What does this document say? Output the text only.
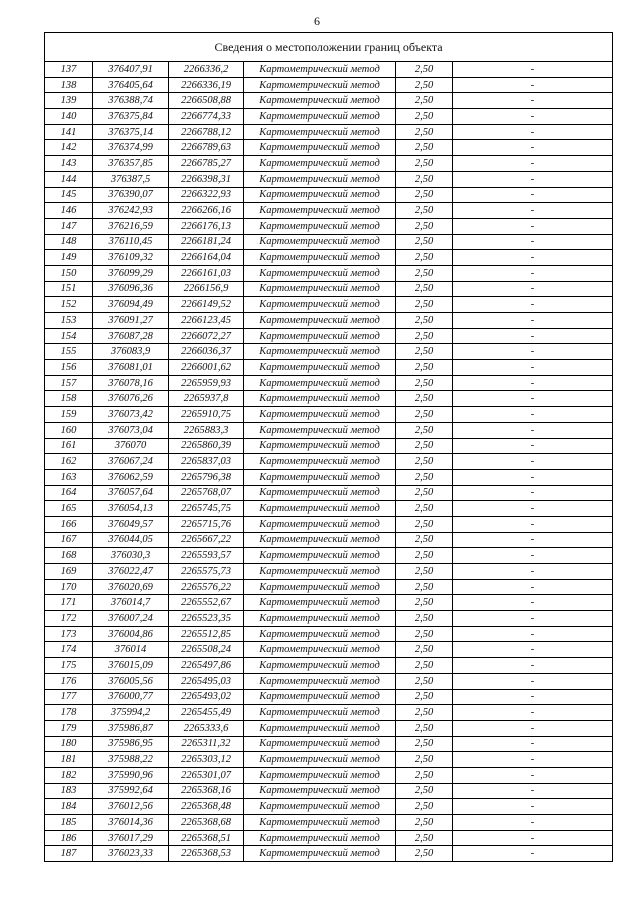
6
Сведения о местоположении границ объекта					
137	376407,91	2266336,2	Картометрический метод	2,50	-
138	376405,64	2266336,19	Картометрический метод	2,50	-
139	376388,74	2266508,88	Картометрический метод	2,50	-
140	376375,84	2266774,33	Картометрический метод	2,50	-
141	376375,14	2266788,12	Картометрический метод	2,50	-
142	376374,99	2266789,63	Картометрический метод	2,50	-
143	376357,85	2266785,27	Картометрический метод	2,50	-
144	376387,5	2266398,31	Картометрический метод	2,50	-
145	376390,07	2266322,93	Картометрический метод	2,50	-
146	376242,93	2266266,16	Картометрический метод	2,50	-
147	376216,59	2266176,13	Картометрический метод	2,50	-
148	376110,45	2266181,24	Картометрический метод	2,50	-
149	376109,32	2266164,04	Картометрический метод	2,50	-
150	376099,29	2266161,03	Картометрический метод	2,50	-
151	376096,36	2266156,9	Картометрический метод	2,50	-
152	376094,49	2266149,52	Картометрический метод	2,50	-
153	376091,27	2266123,45	Картометрический метод	2,50	-
154	376087,28	2266072,27	Картометрический метод	2,50	-
155	376083,9	2266036,37	Картометрический метод	2,50	-
156	376081,01	2266001,62	Картометрический метод	2,50	-
157	376078,16	2265959,93	Картометрический метод	2,50	-
158	376076,26	2265937,8	Картометрический метод	2,50	-
159	376073,42	2265910,75	Картометрический метод	2,50	-
160	376073,04	2265883,3	Картометрический метод	2,50	-
161	376070	2265860,39	Картометрический метод	2,50	-
162	376067,24	2265837,03	Картометрический метод	2,50	-
163	376062,59	2265796,38	Картометрический метод	2,50	-
164	376057,64	2265768,07	Картометрический метод	2,50	-
165	376054,13	2265745,75	Картометрический метод	2,50	-
166	376049,57	2265715,76	Картометрический метод	2,50	-
167	376044,05	2265667,22	Картометрический метод	2,50	-
168	376030,3	2265593,57	Картометрический метод	2,50	-
169	376022,47	2265575,73	Картометрический метод	2,50	-
170	376020,69	2265576,22	Картометрический метод	2,50	-
171	376014,7	2265552,67	Картометрический метод	2,50	-
172	376007,24	2265523,35	Картометрический метод	2,50	-
173	376004,86	2265512,85	Картометрический метод	2,50	-
174	376014	2265508,24	Картометрический метод	2,50	-
175	376015,09	2265497,86	Картометрический метод	2,50	-
176	376005,56	2265495,03	Картометрический метод	2,50	-
177	376000,77	2265493,02	Картометрический метод	2,50	-
178	375994,2	2265455,49	Картометрический метод	2,50	-
179	375986,87	2265333,6	Картометрический метод	2,50	-
180	375986,95	2265311,32	Картометрический метод	2,50	-
181	375988,22	2265303,12	Картометрический метод	2,50	-
182	375990,96	2265301,07	Картометрический метод	2,50	-
183	375992,64	2265368,16	Картометрический метод	2,50	-
184	376012,56	2265368,48	Картометрический метод	2,50	-
185	376014,36	2265368,68	Картометрический метод	2,50	-
186	376017,29	2265368,51	Картометрический метод	2,50	-
187	376023,33	2265368,53	Картометрический метод	2,50	-
